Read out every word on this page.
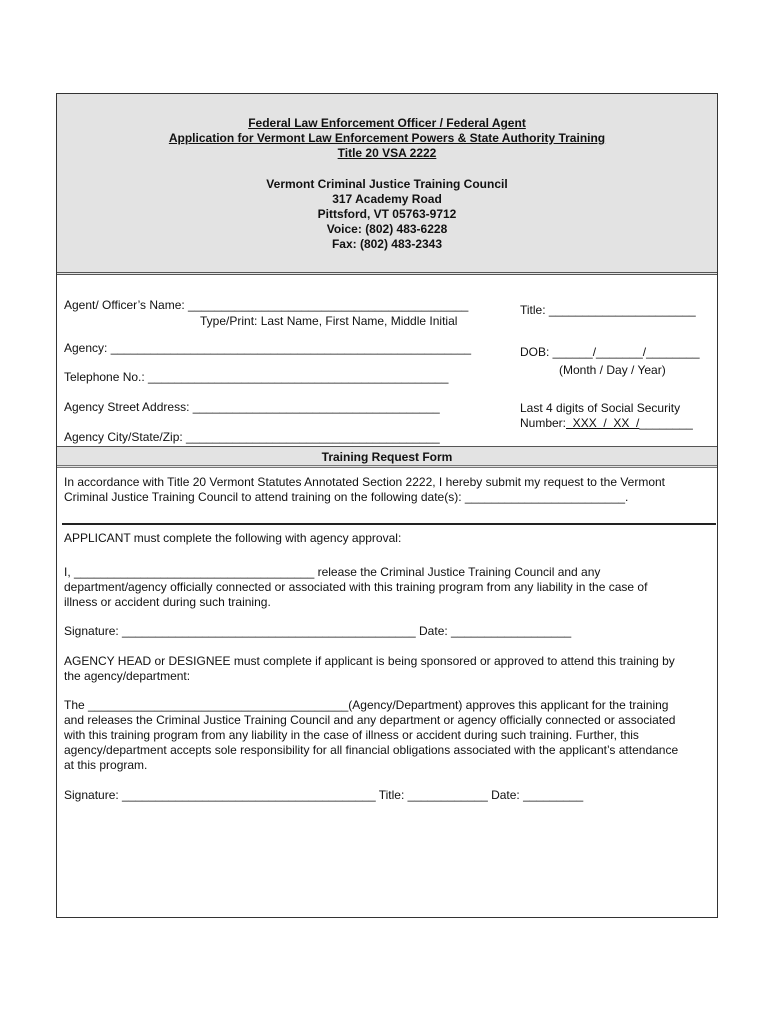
Federal Law Enforcement Officer / Federal Agent
Application for Vermont Law Enforcement Powers & State Authority Training
Title 20 VSA 2222
Vermont Criminal Justice Training Council
317 Academy Road
Pittsford, VT 05763-9712
Voice: (802) 483-6228
Fax: (802) 483-2343
Agent/ Officer’s Name: __________________________________________
Type/Print: Last Name, First Name, Middle Initial
Title: ______________________
Agency: ______________________________________________________	DOB: ______/_______/________
(Month / Day / Year)
Telephone No.: _____________________________________________
Agency Street Address: _____________________________________	Last 4 digits of Social Security
Number:  XXX  /  XX  /________
Agency City/State/Zip: ______________________________________
Training Request Form
In accordance with Title 20 Vermont Statutes Annotated Section 2222, I hereby submit my request to the Vermont
Criminal Justice Training Council to attend training on the following date(s): ________________________.
APPLICANT must complete the following with agency approval:
I, ____________________________________ release the Criminal Justice Training Council and any
department/agency officially connected or associated with this training program from any liability in the case of
illness or accident during such training.
Signature: ____________________________________________ Date: __________________
AGENCY HEAD or DESIGNEE must complete if applicant is being sponsored or approved to attend this training by
the agency/department:
The _______________________________________(Agency/Department) approves this applicant for the training
and releases the Criminal Justice Training Council and any department or agency officially connected or associated
with this training program from any liability in the case of illness or accident during such training. Further, this
agency/department accepts sole responsibility for all financial obligations associated with the applicant’s attendance
at this program.
Signature: ______________________________________ Title: ____________ Date: _________
